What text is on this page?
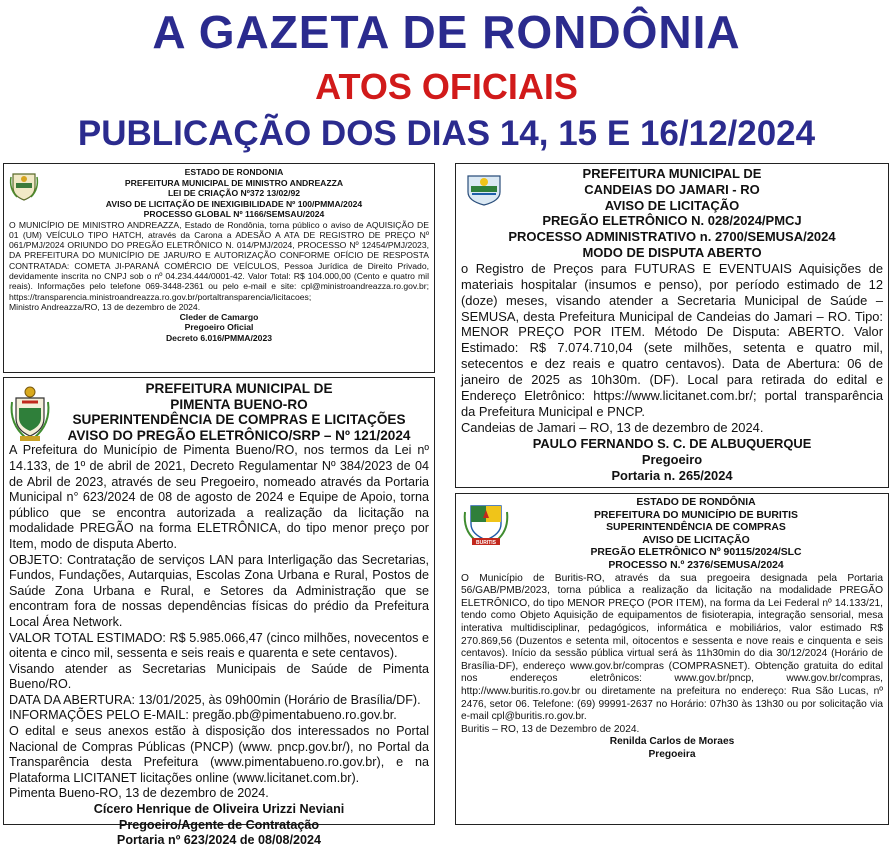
A GAZETA DE RONDÔNIA
ATOS OFICIAIS
PUBLICAÇÃO DOS DIAS 14, 15 E 16/12/2024
ESTADO DE RONDONIA
PREFEITURA MUNICIPAL DE MINISTRO ANDREAZZA
LEI DE CRIAÇÃO Nº372 13/02/92
AVISO DE LICITAÇÃO DE INEXIGIBILIDADE Nº 100/PMMA/2024
PROCESSO GLOBAL Nº 1166/SEMSAU/2024
O MUNICÍPIO DE MINISTRO ANDREAZZA, Estado de Rondônia, torna público o aviso de AQUISIÇÃO DE 01 (UM) VEÍCULO TIPO HATCH, através da Carona a ADESÃO A ATA DE REGISTRO DE PREÇO Nº 061/PMJ/2024 ORIUNDO DO PREGÃO ELETRÔNICO N. 014/PMJ/2024, PROCESSO Nº 12454/PMJ/2023, DA PREFEITURA DO MUNICÍPIO DE JARU/RO E AUTORIZAÇÃO CONFORME OFÍCIO DE RESPOSTA CONTRATADA: COMETA JI-PARANÁ COMÉRCIO DE VEÍCULOS, Pessoa Jurídica de Direito Privado, devidamente inscrita no CNPJ sob o nº 04.234.444/0001-42. Valor Total: R$ 104.000,00 (Cento e quatro mil reais). Informações pelo telefone 069-3448-2361 ou pelo e-mail e site: cpl@ministroandreazza.ro.gov.br; https://transparencia.ministroandreazza.ro.gov.br/portaltransparencia/licitacoes;
Ministro Andreazza/RO, 13 de dezembro de 2024.
Cleder de Camargo
Pregoeiro Oficial
Decreto 6.016/PMMA/2023
PREFEITURA MUNICIPAL DE
PIMENTA BUENO-RO
SUPERINTENDÊNCIA DE COMPRAS E LICITAÇÕES
AVISO DO PREGÃO ELETRÔNICO/SRP – Nº 121/2024
A Prefeitura do Município de Pimenta Bueno/RO, nos termos da Lei nº 14.133, de 1º de abril de 2021, Decreto Regulamentar Nº 384/2023 de 04 de Abril de 2023, através de seu Pregoeiro, nomeado através da Portaria Municipal n° 623/2024 de 08 de agosto de 2024 e Equipe de Apoio, torna público que se encontra autorizada a realização da licitação na modalidade PREGÃO na forma ELETRÔNICA, do tipo menor preço por Item, modo de disputa Aberto.
OBJETO: Contratação de serviços LAN para Interligação das Secretarias, Fundos, Fundações, Autarquias, Escolas Zona Urbana e Rural, Postos de Saúde Zona Urbana e Rural, e Setores da Administração que se encontram fora de nossas dependências físicas do prédio da Prefeitura Local Área Network.
VALOR TOTAL ESTIMADO: R$ 5.985.066,47 (cinco milhões, novecentos e oitenta e cinco mil, sessenta e seis reais e quarenta e sete centavos).
Visando atender as Secretarias Municipais de Saúde de Pimenta Bueno/RO.
DATA DA ABERTURA: 13/01/2025, às 09h00min (Horário de Brasília/DF).
INFORMAÇÕES PELO E-MAIL: pregão.pb@pimentabueno.ro.gov.br.
O edital e seus anexos estão à disposição dos interessados no Portal Nacional de Compras Públicas (PNCP) (www. pncp.gov.br/), no Portal da Transparência desta Prefeitura (www.pimentabueno.ro.gov.br), e na Plataforma LICITANET licitações online (www.licitanet.com.br).
Pimenta Bueno-RO, 13 de dezembro de 2024.
Cícero Henrique de Oliveira Urizzi Neviani
Pregoeiro/Agente de Contratação
Portaria nº 623/2024 de 08/08/2024
PREFEITURA MUNICIPAL DE
CANDEIAS DO JAMARI - RO
AVISO DE LICITAÇÃO
PREGÃO ELETRÔNICO N. 028/2024/PMCJ
PROCESSO ADMINISTRATIVO n. 2700/SEMUSA/2024
MODO DE DISPUTA ABERTO
o Registro de Preços para FUTURAS E EVENTUAIS Aquisições de materiais hospitalar (insumos e penso), por período estimado de 12 (doze) meses, visando atender a Secretaria Municipal de Saúde – SEMUSA, desta Prefeitura Municipal de Candeias do Jamari – RO. Tipo: MENOR PREÇO POR ITEM. Método De Disputa: ABERTO. Valor Estimado: R$ 7.074.710,04 (sete milhões, setenta e quatro mil, setecentos e dez reais e quatro centavos). Data de Abertura: 06 de janeiro de 2025 as 10h30m. (DF). Local para retirada do edital e Endereço Eletrônico: https://www.licitanet.com.br/; portal transparência da Prefeitura Municipal e PNCP.
Candeias de Jamari – RO, 13 de dezembro de 2024.
PAULO FERNANDO S. C. DE ALBUQUERQUE
Pregoeiro
Portaria n. 265/2024
BURITIS
ESTADO DE RONDÔNIA
PREFEITURA DO MUNICÍPIO DE BURITIS
SUPERINTENDÊNCIA DE COMPRAS
AVISO DE LICITAÇÃO
PREGÃO ELETRÔNICO Nº 90115/2024/SLC
PROCESSO N.º 2376/SEMUSA/2024
O Município de Buritis-RO, através da sua pregoeira designada pela Portaria 56/GAB/PMB/2023, torna pública a realização da licitação na modalidade PREGÃO ELETRÔNICO, do tipo MENOR PREÇO (POR ITEM), na forma da Lei Federal nº 14.133/21, tendo como Objeto Aquisição de equipamentos de fisioterapia, integração sensorial, mesa interativa multidisciplinar, pedagógicos, informática e mobiliários, valor estimado R$ 270.869,56 (Duzentos e setenta mil, oitocentos e sessenta e nove reais e cinquenta e seis centavos). Início da sessão pública virtual será às 11h30min do dia 30/12/2024 (Horário de Brasília-DF), endereço www.gov.br/compras (COMPRASNET). Obtenção gratuita do edital nos endereços eletrônicos: www.gov.br/pncp, www.gov.br/compras, http://www.buritis.ro.gov.br ou diretamente na prefeitura no endereço: Rua São Lucas, nº 2476, setor 06. Telefone: (69) 99991-2637 no Horário: 07h30 às 13h30 ou por solicitação via e-mail cpl@buritis.ro.gov.br.
Buritis – RO, 13 de Dezembro de 2024.
Renilda Carlos de Moraes
Pregoeira
